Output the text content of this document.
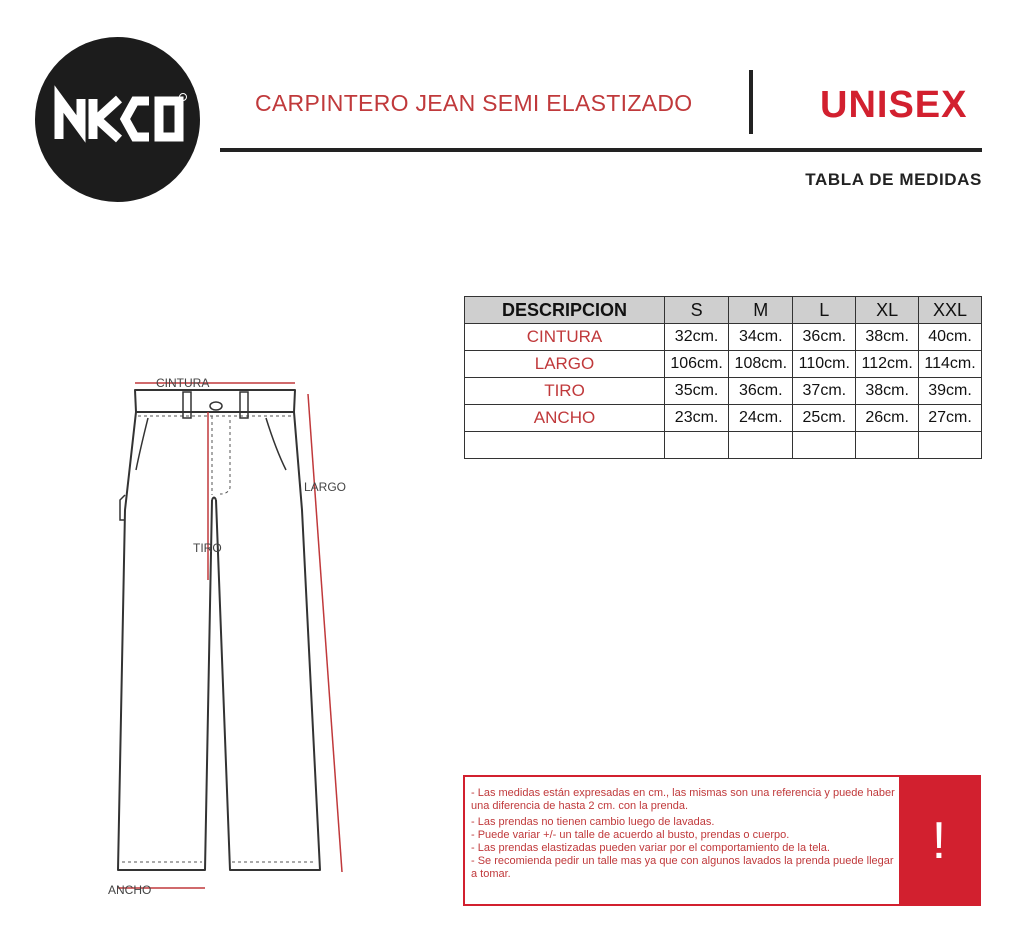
CARPINTERO JEAN SEMI ELASTIZADO	UNISEX
TABLA DE MEDIDAS
DESCRIPCION	S	M	L	XL	XXL
CINTURA	32cm.	34cm.	36cm.	38cm.	40cm.
LARGO	106cm.	108cm.	110cm.	112cm.	114cm.
TIRO	35cm.	36cm.	37cm.	38cm.	39cm.
ANCHO	23cm.	24cm.	25cm.	26cm.	27cm.

CINTURA
LARGO
TIRO
ANCHO

- Las medidas están expresadas en cm., las mismas son una referencia y puede haber una diferencia de hasta 2 cm. con la prenda.

- Las prendas no tienen cambio luego de lavadas.

- Puede variar +/- un talle de acuerdo al busto, prendas o cuerpo.

- Las prendas elastizadas pueden variar por el comportamiento de la tela.

- Se recomienda pedir un talle mas ya que con algunos lavados la prenda puede llegar a tomar.

!
